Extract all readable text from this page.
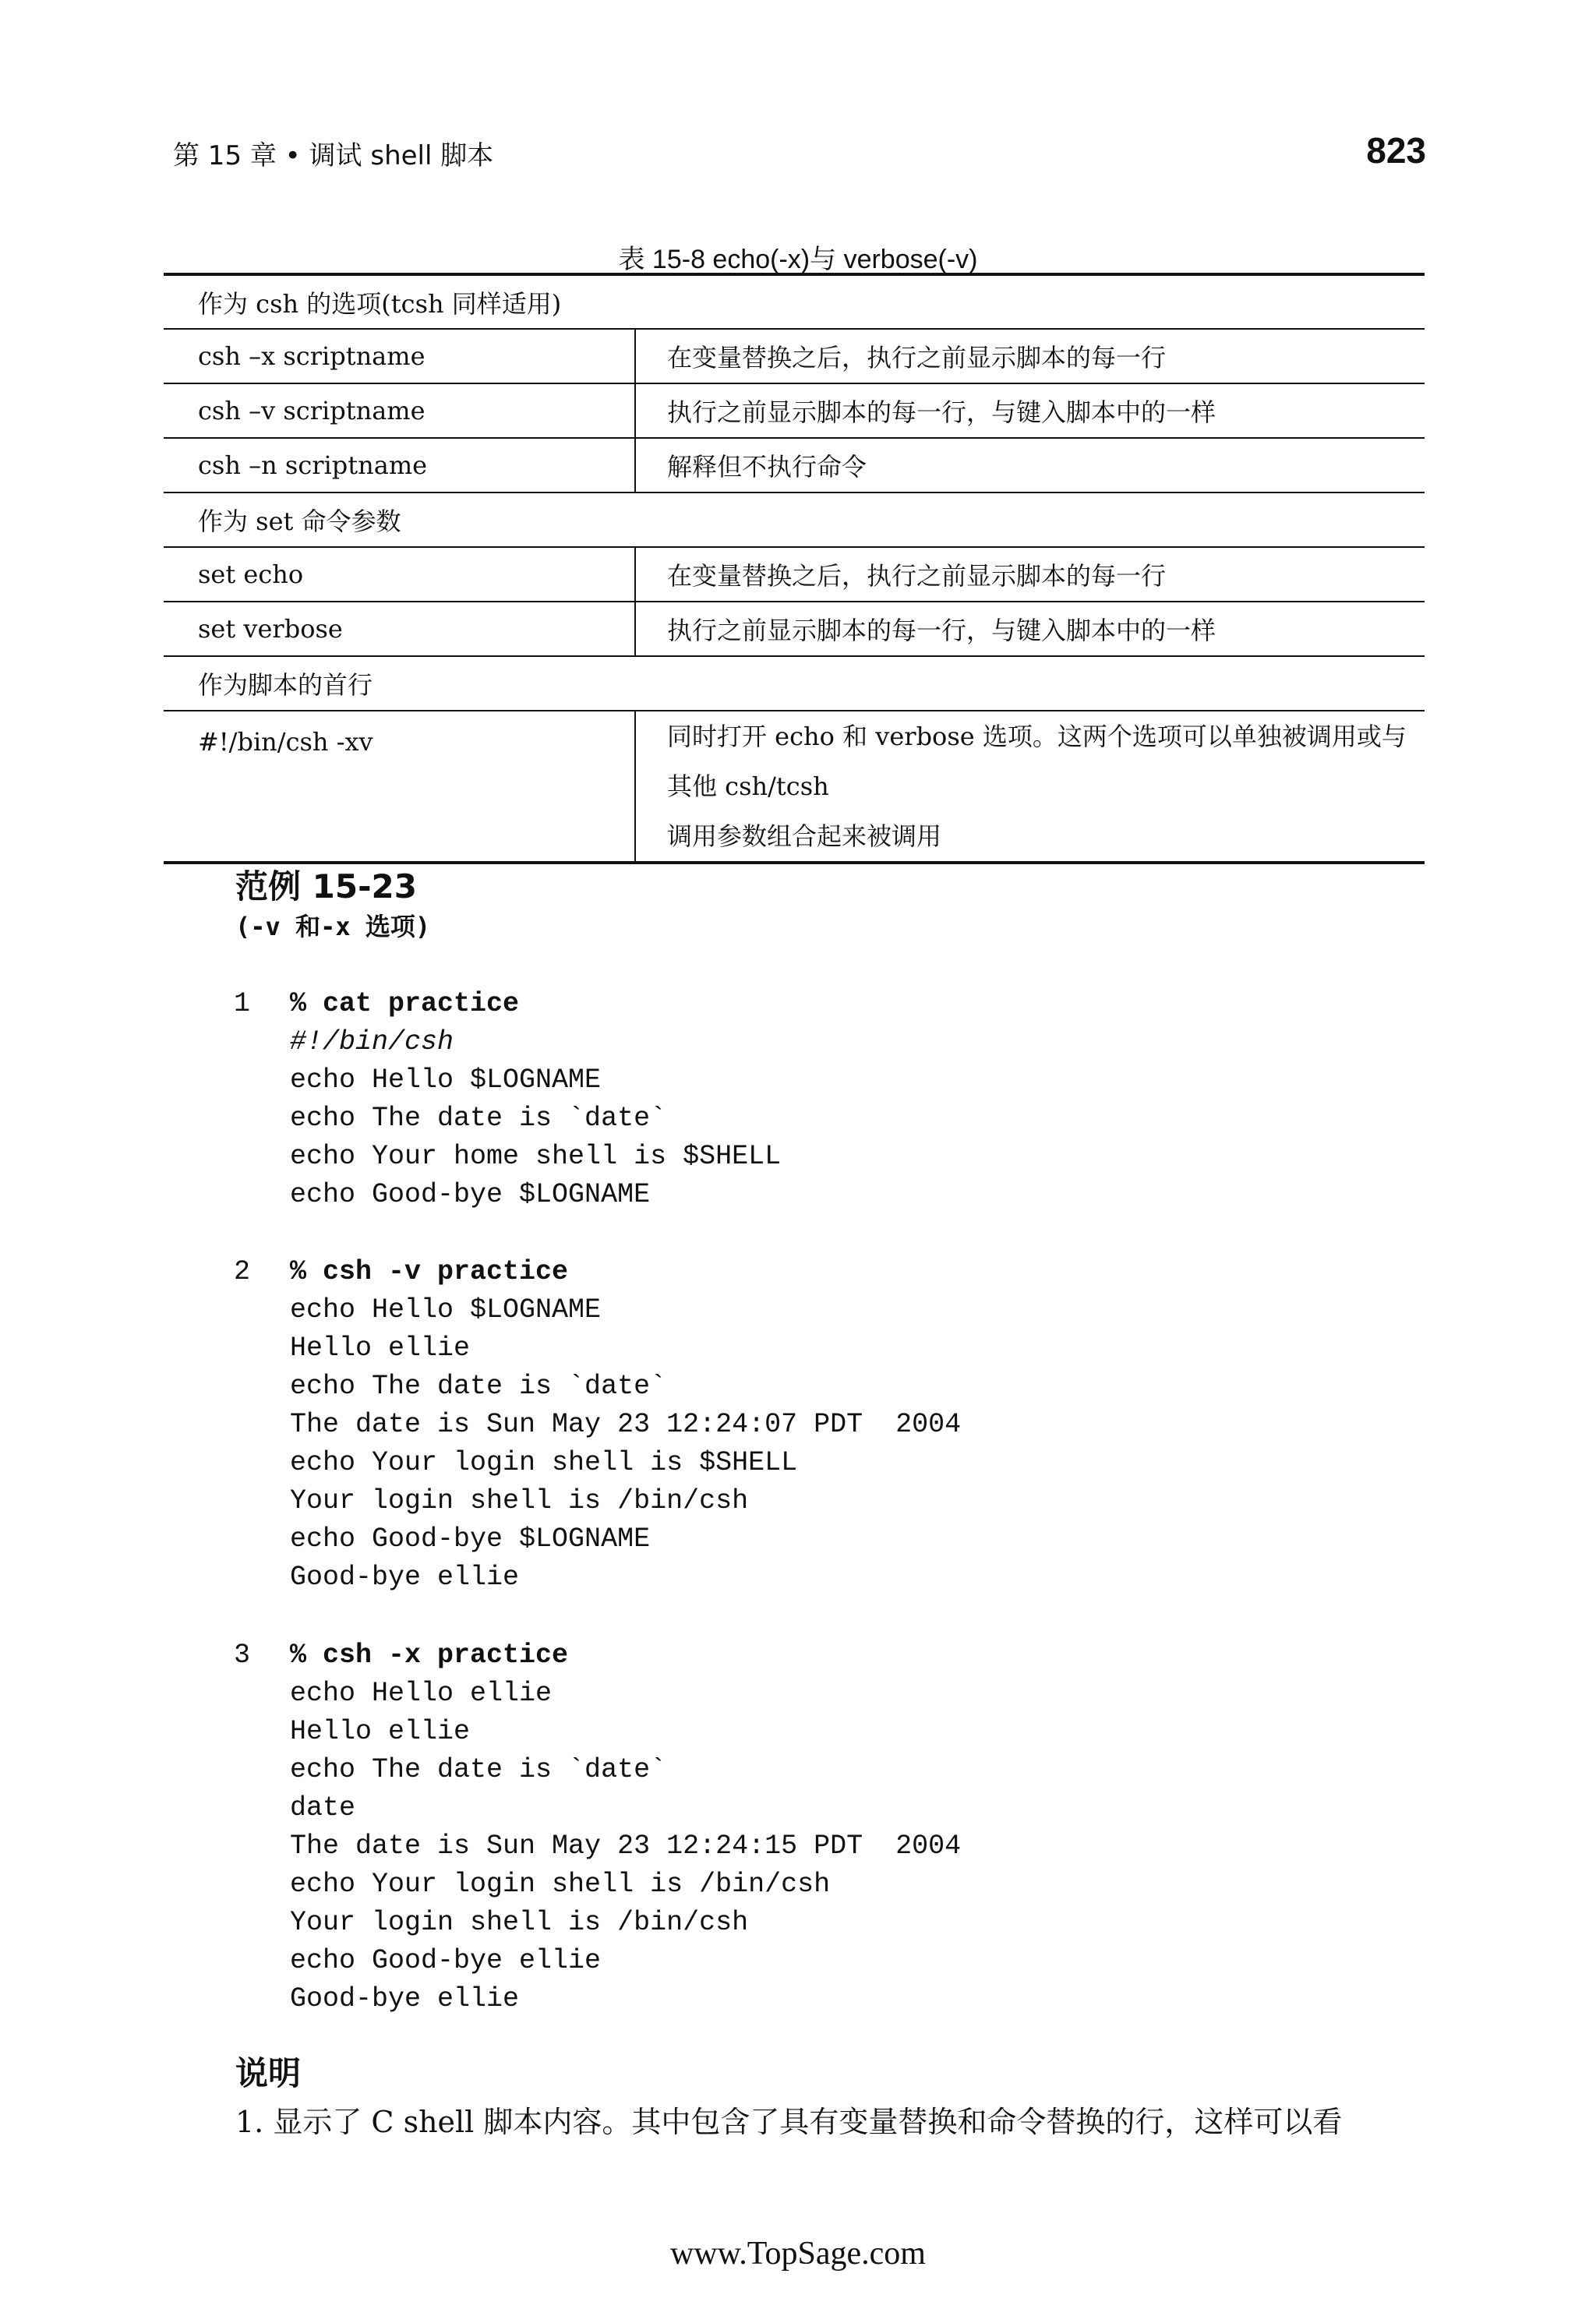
第 15 章 • 调试 shell 脚本	823
表 15-8 echo(-x)与 verbose(-v)
作为 csh 的选项(tcsh 同样适用)	
csh –x scriptname	在变量替换之后，执行之前显示脚本的每一行
csh –v scriptname	执行之前显示脚本的每一行，与键入脚本中的一样
csh –n scriptname	解释但不执行命令
作为 set 命令参数	
set echo	在变量替换之后，执行之前显示脚本的每一行
set verbose	执行之前显示脚本的每一行，与键入脚本中的一样
作为脚本的首行	
#!/bin/csh -xv	同时打开 echo 和 verbose 选项。这两个选项可以单独被调用或与其他 csh/tcsh
调用参数组合起来被调用
范例 15-23
(-v 和-x 选项)
1 % cat practice
#!/bin/csh
echo Hello $LOGNAME
echo The date is `date`
echo Your home shell is $SHELL
echo Good-bye $LOGNAME
2 % csh -v practice
echo Hello $LOGNAME
Hello ellie
echo The date is `date`
The date is Sun May 23 12:24:07 PDT  2004
echo Your login shell is $SHELL
Your login shell is /bin/csh
echo Good-bye $LOGNAME
Good-bye ellie
3 % csh -x practice
echo Hello ellie
Hello ellie
echo The date is `date`
date
The date is Sun May 23 12:24:15 PDT  2004
echo Your login shell is /bin/csh
Your login shell is /bin/csh
echo Good-bye ellie
Good-bye ellie
说明
1. 显示了 C shell 脚本内容。其中包含了具有变量替换和命令替换的行，这样可以看
www.TopSage.com
